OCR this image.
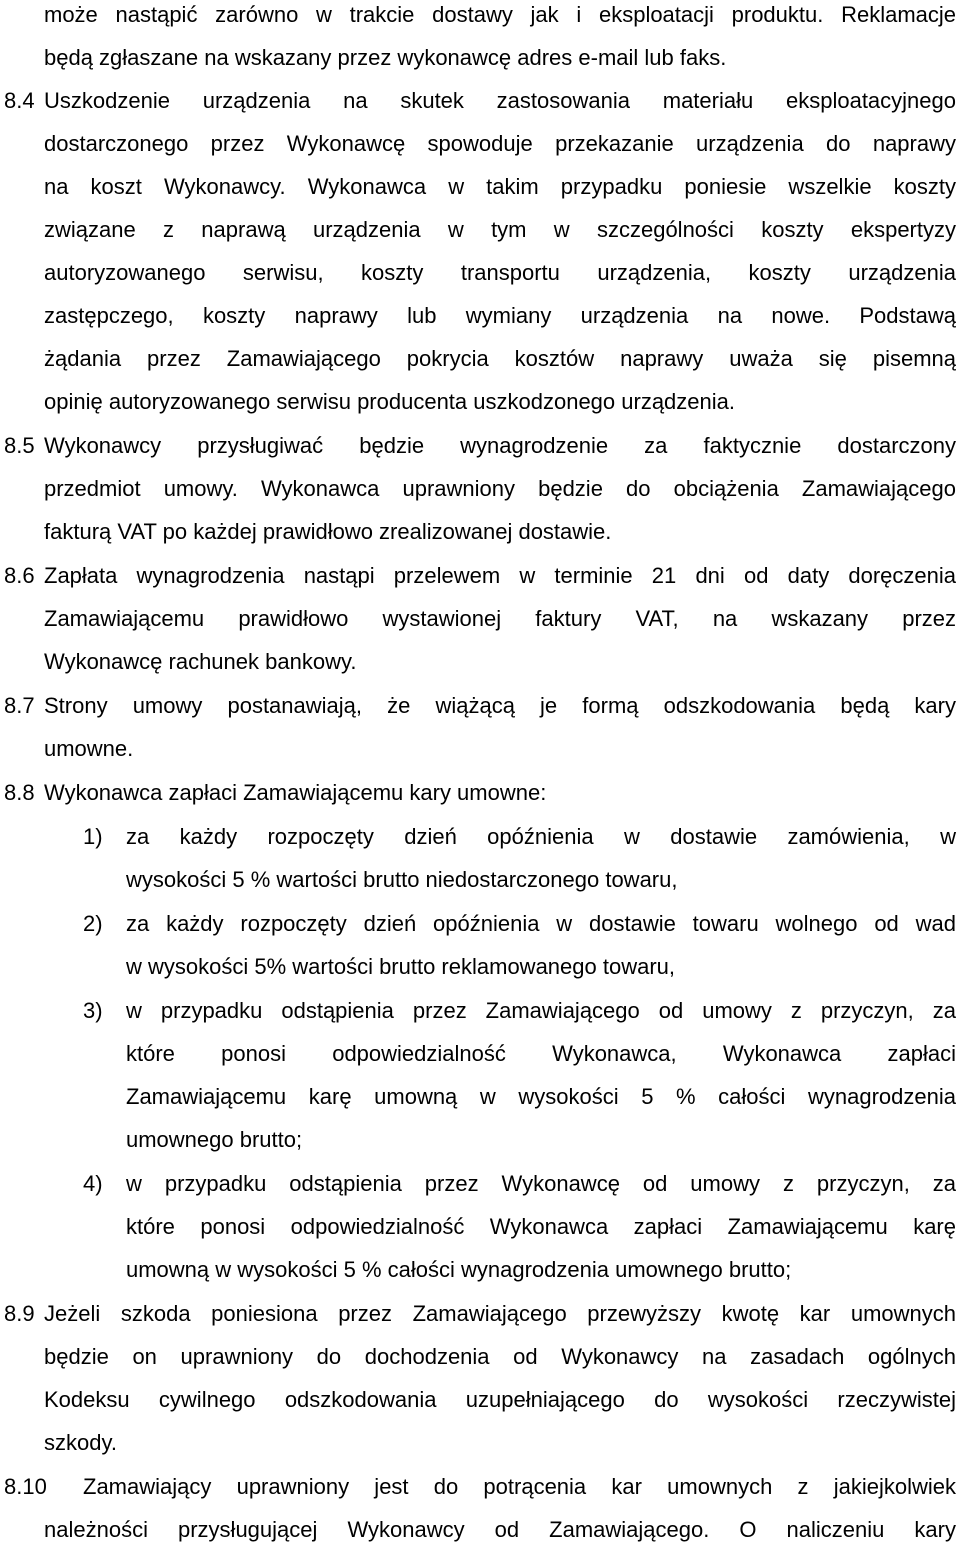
może nastąpić zarówno w trakcie dostawy jak i eksploatacji produktu. Reklamacje
będą zgłaszane na wskazany przez wykonawcę adres e-mail lub faks.
8.4 Uszkodzenie urządzenia na skutek zastosowania materiału eksploatacyjnego
dostarczonego przez Wykonawcę spowoduje przekazanie urządzenia do naprawy
na koszt Wykonawcy. Wykonawca w takim przypadku poniesie wszelkie koszty
związane z naprawą urządzenia w tym w szczególności koszty ekspertyzy
autoryzowanego serwisu, koszty transportu urządzenia, koszty urządzenia
zastępczego, koszty naprawy lub wymiany urządzenia na nowe. Podstawą
żądania przez Zamawiającego pokrycia kosztów naprawy uważa się pisemną
opinię autoryzowanego serwisu producenta uszkodzonego urządzenia.
8.5 Wykonawcy przysługiwać będzie wynagrodzenie za faktycznie dostarczony
przedmiot umowy. Wykonawca uprawniony będzie do obciążenia Zamawiającego
fakturą VAT po każdej prawidłowo zrealizowanej dostawie.
8.6 Zapłata wynagrodzenia nastąpi przelewem w terminie 21 dni od daty doręczenia
Zamawiającemu prawidłowo wystawionej faktury VAT, na wskazany przez
Wykonawcę rachunek bankowy.
8.7 Strony umowy postanawiają, że wiążącą je formą odszkodowania będą kary
umowne.
8.8 Wykonawca zapłaci Zamawiającemu kary umowne:
1) za każdy rozpoczęty dzień opóźnienia w dostawie zamówienia, w
wysokości 5 % wartości brutto niedostarczonego towaru,
2) za każdy rozpoczęty dzień opóźnienia w dostawie towaru wolnego od wad
w wysokości 5% wartości brutto reklamowanego towaru,
3) w przypadku odstąpienia przez Zamawiającego od umowy z przyczyn, za
które ponosi odpowiedzialność Wykonawca, Wykonawca zapłaci
Zamawiającemu karę umowną w wysokości 5 % całości wynagrodzenia
umownego brutto;
4) w przypadku odstąpienia przez Wykonawcę od umowy z przyczyn, za
które ponosi odpowiedzialność Wykonawca zapłaci Zamawiającemu karę
umowną w wysokości 5 % całości wynagrodzenia umownego brutto;
8.9 Jeżeli szkoda poniesiona przez Zamawiającego przewyższy kwotę kar umownych
będzie on uprawniony do dochodzenia od Wykonawcy na zasadach ogólnych
Kodeksu cywilnego odszkodowania uzupełniającego do wysokości rzeczywistej
szkody.
8.10 Zamawiający uprawniony jest do potrącenia kar umownych z jakiejkolwiek
należności przysługującej Wykonawcy od Zamawiającego. O naliczeniu kary
